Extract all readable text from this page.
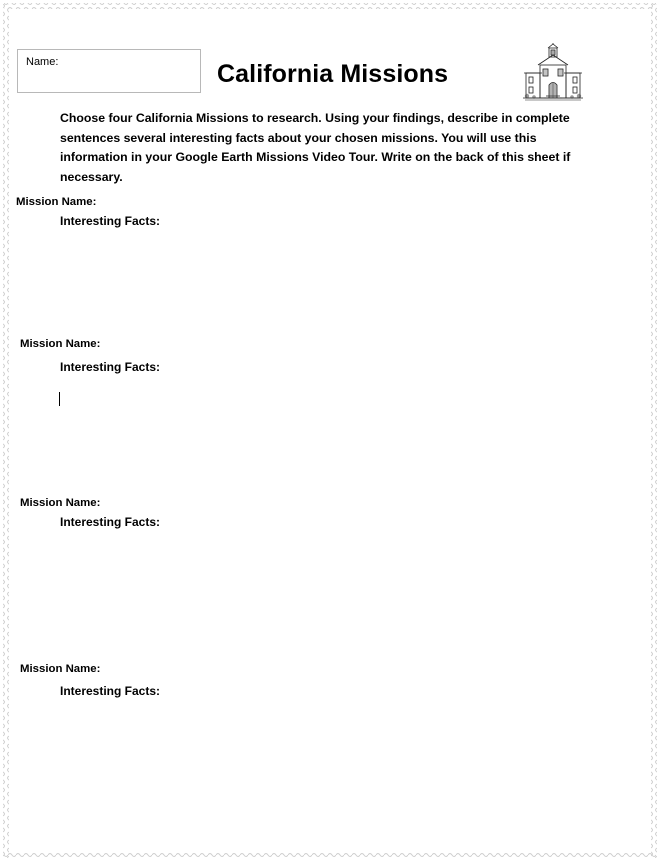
Name:	California Missions
Choose four California Missions to research. Using your findings, describe in complete sentences several interesting facts about your chosen missions. You will use this information in your Google Earth Missions Video Tour. Write on the back of this sheet if necessary.
Mission Name:
Interesting Facts:
Mission Name:
Interesting Facts:
Mission Name:
Interesting Facts:
Mission Name:
Interesting Facts:
